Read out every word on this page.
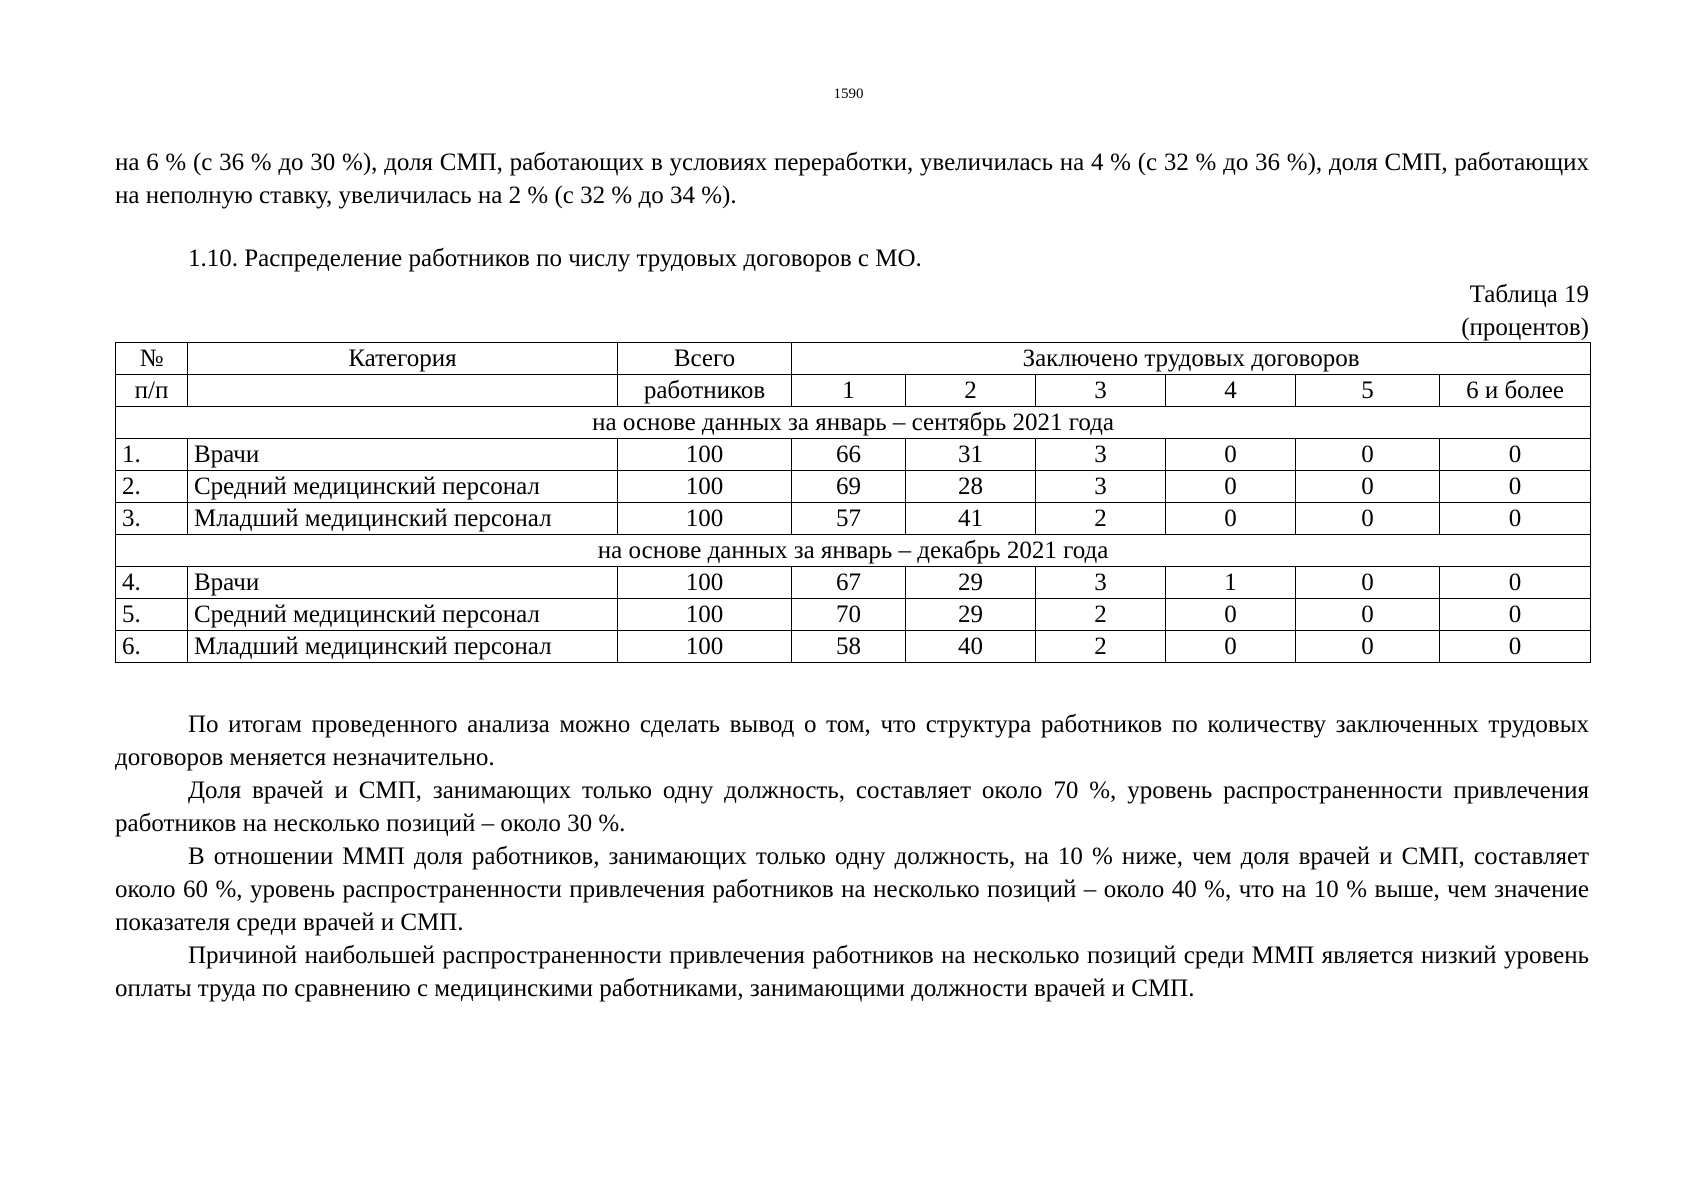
1590

на 6 % (с 36 % до 30 %), доля СМП, работающих в условиях переработки, увеличилась на 4 % (с 32 % до 36 %), доля СМП, работающих на неполную ставку, увеличилась на 2 % (с 32 % до 34 %).

1.10. Распределение работников по числу трудовых договоров с МО.
Таблица 19
(процентов)
№	Категория	Всего	Заключено трудовых договоров					
п/п		работников	1	2	3	4	5	6 и более
на основе данных за январь – сентябрь 2021 года								
1.	Врачи	100	66	31	3	0	0	0
2.	Средний медицинский персонал	100	69	28	3	0	0	0
3.	Младший медицинский персонал	100	57	41	2	0	0	0
на основе данных за январь – декабрь 2021 года								
4.	Врачи	100	67	29	3	1	0	0
5.	Средний медицинский персонал	100	70	29	2	0	0	0
6.	Младший медицинский персонал	100	58	40	2	0	0	0

По итогам проведенного анализа можно сделать вывод о том, что структура работников по количеству заключенных трудовых договоров меняется незначительно.

Доля врачей и СМП, занимающих только одну должность, составляет около 70 %, уровень распространенности привлечения работников на несколько позиций – около 30 %.

В отношении ММП доля работников, занимающих только одну должность, на 10 % ниже, чем доля врачей и СМП, составляет около 60 %, уровень распространенности привлечения работников на несколько позиций – около 40 %, что на 10 % выше, чем значение показателя среди врачей и СМП.

Причиной наибольшей распространенности привлечения работников на несколько позиций среди ММП является низкий уровень оплаты труда по сравнению с медицинскими работниками, занимающими должности врачей и СМП.
